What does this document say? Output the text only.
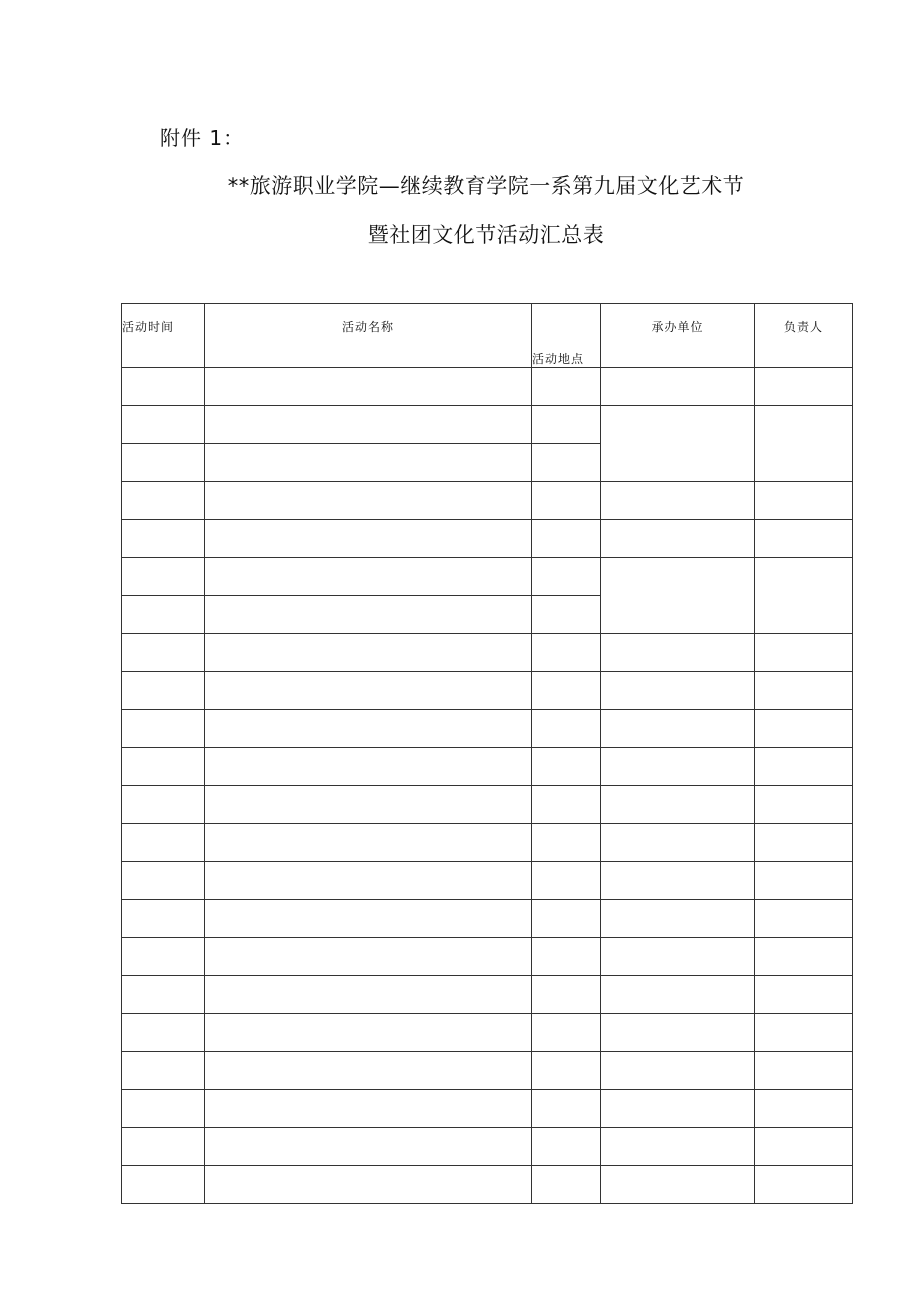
附件 1：
**旅游职业学院—继续教育学院一系第九届文化艺术节
暨社团文化节活动汇总表
活动时间	活动名称	活动地点	承办单位	负责人
